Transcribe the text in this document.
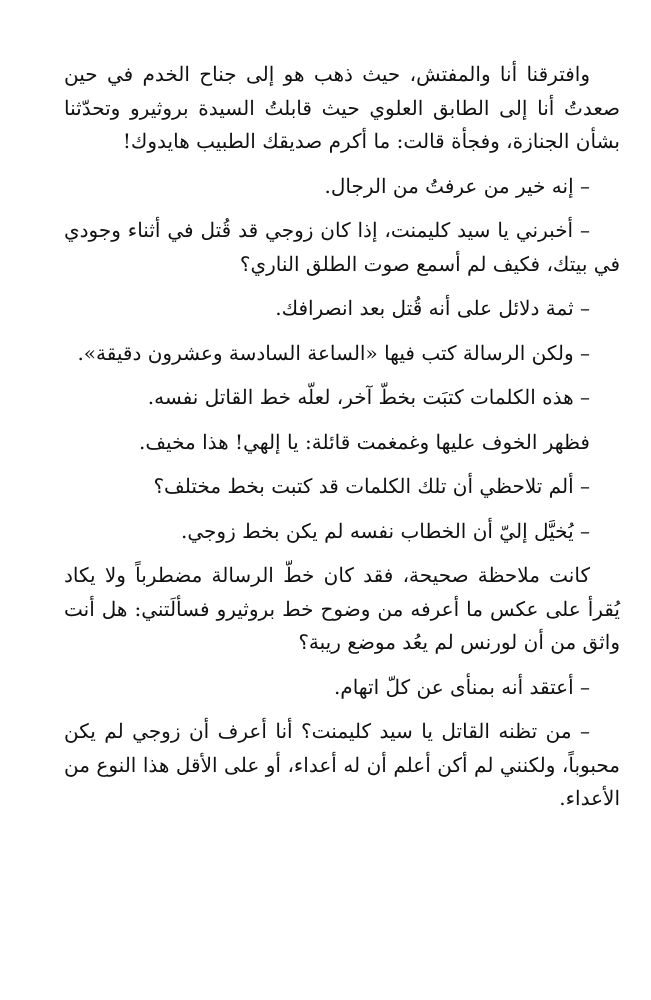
وافترقنا أنا والمفتش، حيث ذهب هو إلى جناح الخدم في حين صعدتُ أنا إلى الطابق العلوي حيث قابلتُ السيدة بروثيرو وتحدّثنا بشأن الجنازة، وفجأة قالت: ما أكرم صديقك الطبيب هايدوك!

– إنه خير من عرفتُ من الرجال.

– أخبرني يا سيد كليمنت، إذا كان زوجي قد قُتل في أثناء وجودي في بيتك، فكيف لم أسمع صوت الطلق الناري؟

– ثمة دلائل على أنه قُتل بعد انصرافك.

– ولكن الرسالة كتب فيها «الساعة السادسة وعشرون دقيقة».

– هذه الكلمات كتبَت بخطّ آخر، لعلّه خط القاتل نفسه.

فظهر الخوف عليها وغمغمت قائلة: يا إلهي! هذا مخيف.

– ألم تلاحظي أن تلك الكلمات قد كتبت بخط مختلف؟

– يُخيَّل إليّ أن الخطاب نفسه لم يكن بخط زوجي.

كانت ملاحظة صحيحة، فقد كان خطّ الرسالة مضطرباً ولا يكاد يُقرأ على عكس ما أعرفه من وضوح خط بروثيرو فسألَتني: هل أنت واثق من أن لورنس لم يعُد موضع ريبة؟

– أعتقد أنه بمنأى عن كلّ اتهام.

– من تظنه القاتل يا سيد كليمنت؟ أنا أعرف أن زوجي لم يكن محبوباً، ولكنني لم أكن أعلم أن له أعداء، أو على الأقل هذا النوع من الأعداء.
